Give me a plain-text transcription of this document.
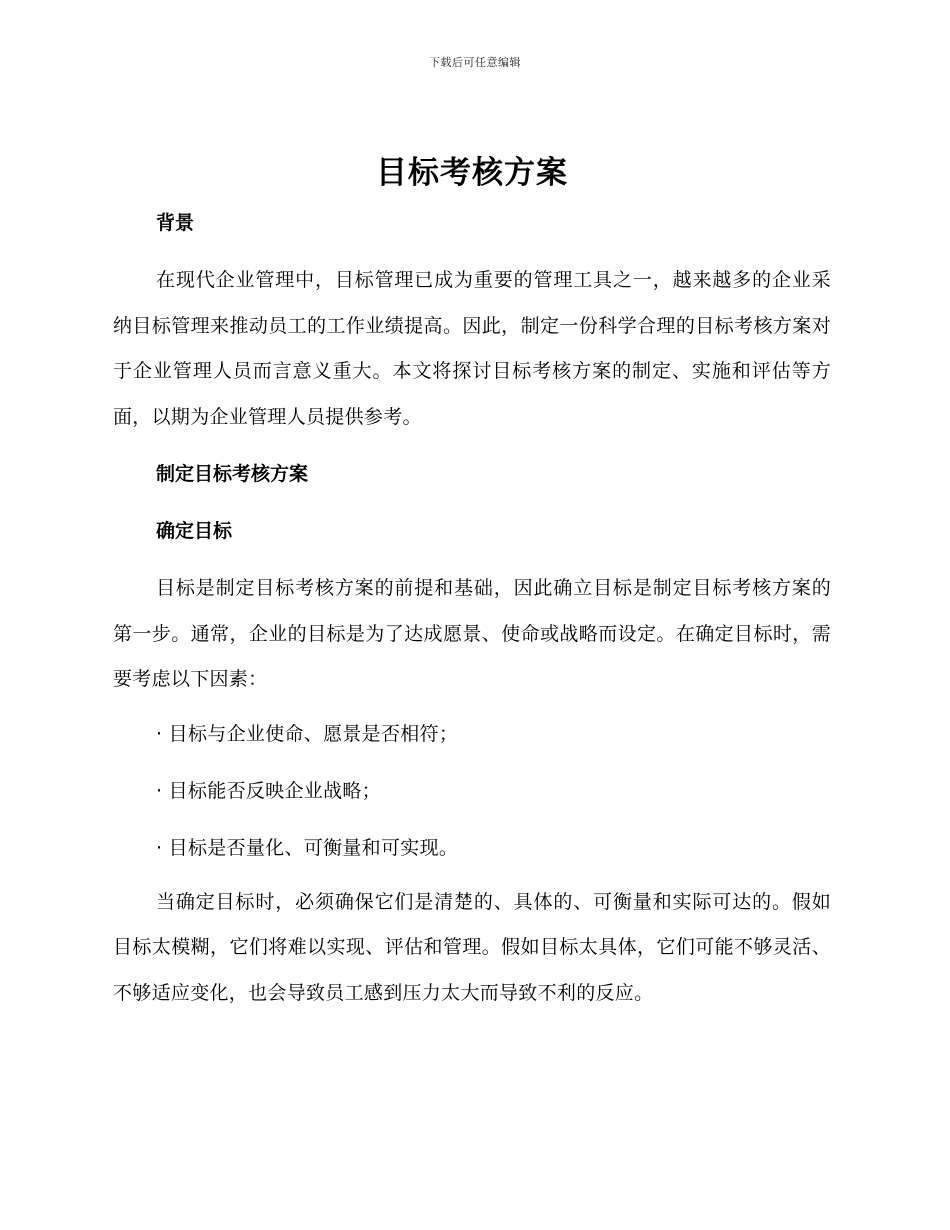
下载后可任意编辑
目标考核方案
背景

在现代企业管理中，目标管理已成为重要的管理工具之一，越来越多的企业采纳目标管理来推动员工的工作业绩提高。因此，制定一份科学合理的目标考核方案对于企业管理人员而言意义重大。本文将探讨目标考核方案的制定、实施和评估等方面，以期为企业管理人员提供参考。

制定目标考核方案
确定目标

目标是制定目标考核方案的前提和基础，因此确立目标是制定目标考核方案的第一步。通常，企业的目标是为了达成愿景、使命或战略而设定。在确定目标时，需要考虑以下因素：

· 目标与企业使命、愿景是否相符；
· 目标能否反映企业战略；
· 目标是否量化、可衡量和可实现。

当确定目标时，必须确保它们是清楚的、具体的、可衡量和实际可达的。假如目标太模糊，它们将难以实现、评估和管理。假如目标太具体，它们可能不够灵活、不够适应变化，也会导致员工感到压力太大而导致不利的反应。
